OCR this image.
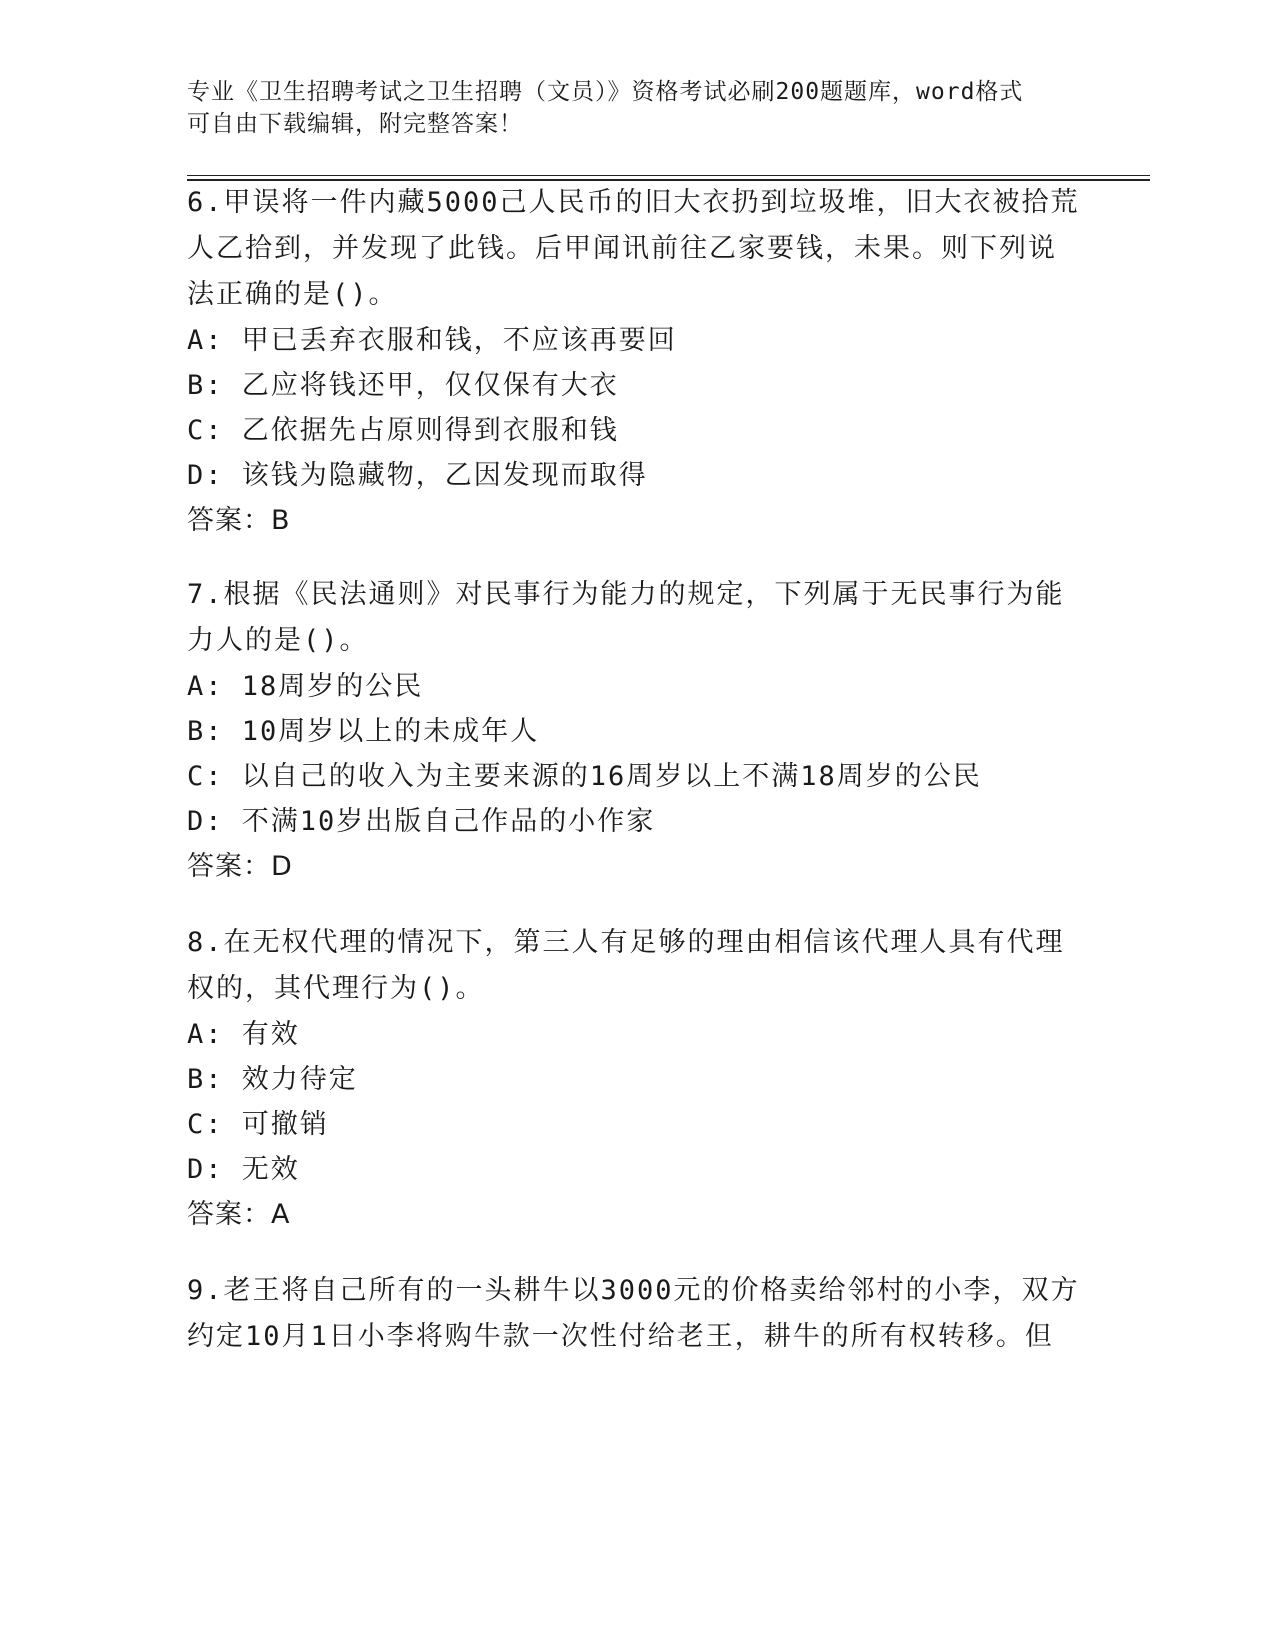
专业《卫生招聘考试之卫生招聘（文员）》资格考试必刷200题题库，word格式
可自由下载编辑，附完整答案！
6.甲误将一件内藏5000己人民币的旧大衣扔到垃圾堆，旧大衣被拾荒
人乙拾到，并发现了此钱。后甲闻讯前往乙家要钱，未果。则下列说
法正确的是()。
A: 甲已丢弃衣服和钱，不应该再要回
B: 乙应将钱还甲，仅仅保有大衣
C: 乙依据先占原则得到衣服和钱
D: 该钱为隐藏物，乙因发现而取得
答案：B
7.根据《民法通则》对民事行为能力的规定，下列属于无民事行为能
力人的是()。
A: 18周岁的公民
B: 10周岁以上的未成年人
C: 以自己的收入为主要来源的16周岁以上不满18周岁的公民
D: 不满10岁出版自己作品的小作家
答案：D
8.在无权代理的情况下，第三人有足够的理由相信该代理人具有代理
权的，其代理行为()。
A: 有效
B: 效力待定
C: 可撤销
D: 无效
答案：A
9.老王将自己所有的一头耕牛以3000元的价格卖给邻村的小李，双方
约定10月1日小李将购牛款一次性付给老王，耕牛的所有权转移。但
